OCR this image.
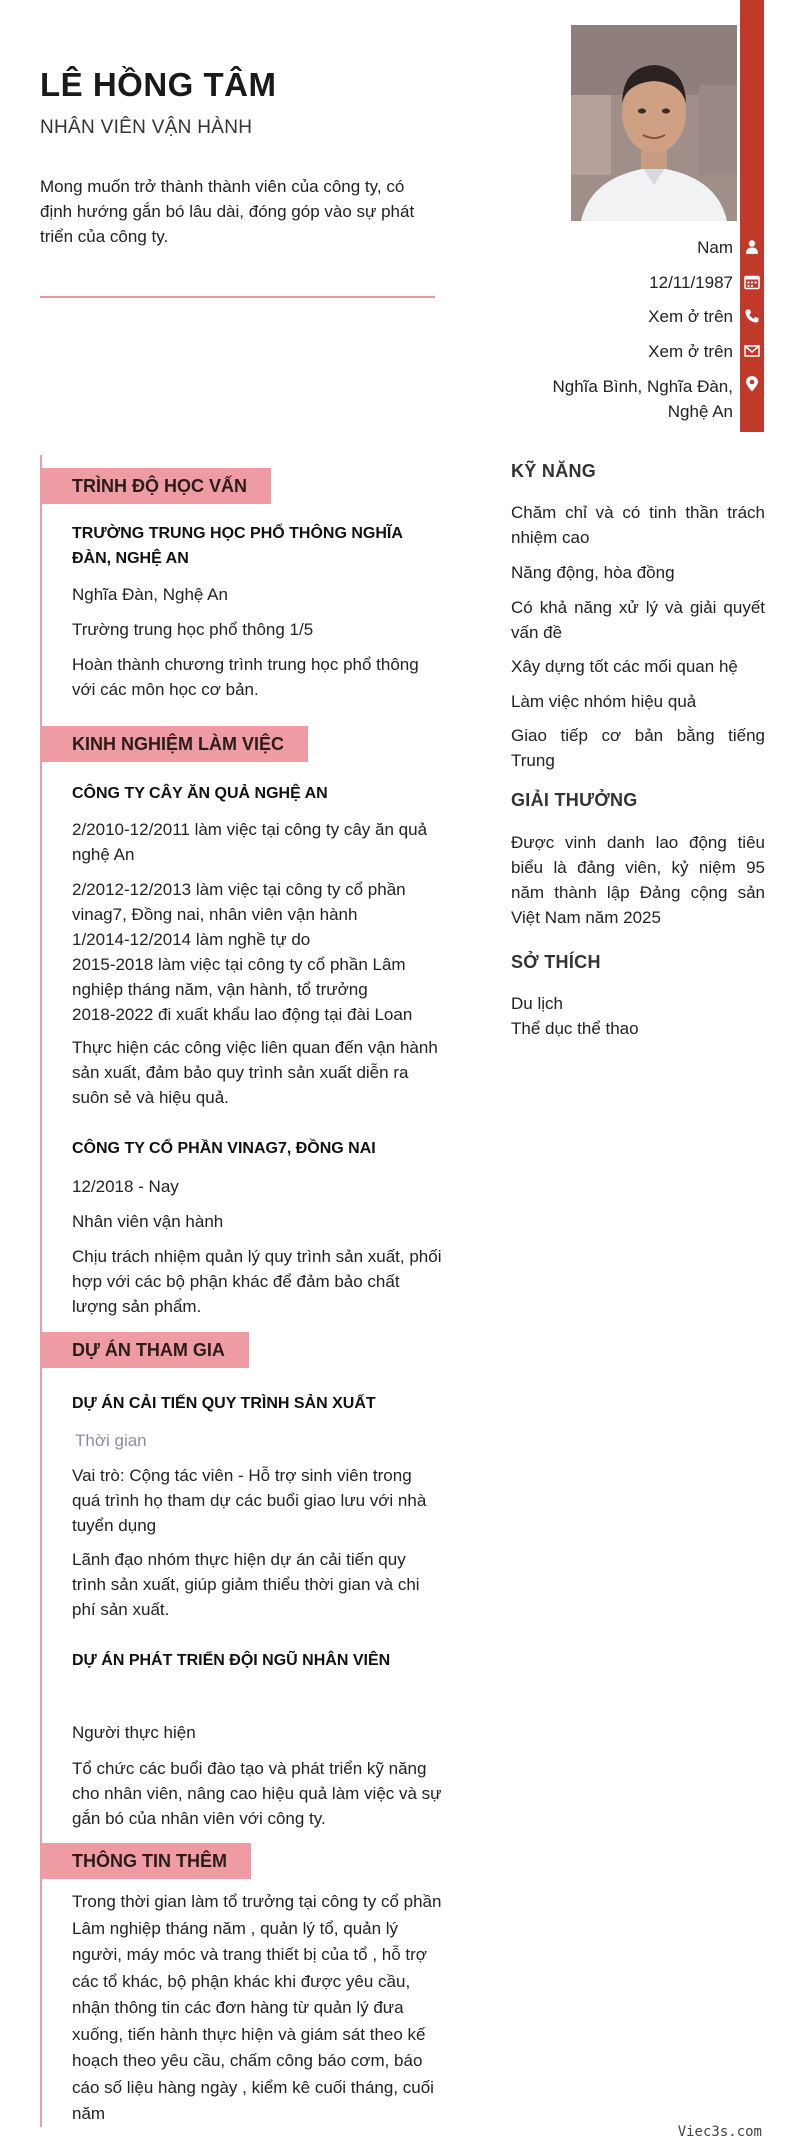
LÊ HỒNG TÂM
NHÂN VIÊN VẬN HÀNH
Mong muốn trở thành thành viên của công ty, có định hướng gắn bó lâu dài, đóng góp vào sự phát triển của công ty.
Nam
12/11/1987
Xem ở trên
Xem ở trên
Nghĩa Bình, Nghĩa Đàn, Nghệ An
TRÌNH ĐỘ HỌC VẤN
TRƯỜNG TRUNG HỌC PHỔ THÔNG NGHĨA ĐÀN, NGHỆ AN
Nghĩa Đàn, Nghệ An
Trường trung học phổ thông 1/5
Hoàn thành chương trình trung học phổ thông với các môn học cơ bản.
KINH NGHIỆM LÀM VIỆC
CÔNG TY CÂY ĂN QUẢ NGHỆ AN
2/2010-12/2011 làm việc tại công ty cây ăn quả nghệ An
2/2012-12/2013 làm việc tại công ty cổ phần vinag7, Đồng nai, nhân viên vận hành
1/2014-12/2014 làm nghề tự do
2015-2018 làm việc tại công ty cổ phần Lâm nghiệp tháng năm, vận hành, tổ trưởng
2018-2022 đi xuất khẩu lao động tại đài Loan
Thực hiện các công việc liên quan đến vận hành sản xuất, đảm bảo quy trình sản xuất diễn ra suôn sẻ và hiệu quả.
CÔNG TY CỔ PHẦN VINAG7, ĐỒNG NAI
12/2018 - Nay
Nhân viên vận hành
Chịu trách nhiệm quản lý quy trình sản xuất, phối hợp với các bộ phận khác để đảm bảo chất lượng sản phẩm.
DỰ ÁN THAM GIA
DỰ ÁN CẢI TIẾN QUY TRÌNH SẢN XUẤT
Thời gian
Vai trò: Cộng tác viên - Hỗ trợ sinh viên trong quá trình họ tham dự các buổi giao lưu với nhà tuyển dụng
Lãnh đạo nhóm thực hiện dự án cải tiến quy trình sản xuất, giúp giảm thiểu thời gian và chi phí sản xuất.
DỰ ÁN PHÁT TRIỂN ĐỘI NGŨ NHÂN VIÊN
Người thực hiện
Tổ chức các buổi đào tạo và phát triển kỹ năng cho nhân viên, nâng cao hiệu quả làm việc và sự gắn bó của nhân viên với công ty.
THÔNG TIN THÊM
Trong thời gian làm tổ trưởng tại công ty cổ phần Lâm nghiệp tháng năm , quản lý tổ, quản lý người, máy móc và trang thiết bị của tổ , hỗ trợ các tổ khác, bộ phận khác khi được yêu cầu, nhận thông tin các đơn hàng từ quản lý đưa xuống, tiến hành thực hiện và giám sát theo kế hoạch theo yêu cầu, chấm công báo cơm, báo cáo số liệu hàng ngày , kiểm kê cuối tháng, cuối năm
KỸ NĂNG
Chăm chỉ và có tinh thần trách nhiệm cao
Năng động, hòa đồng
Có khả năng xử lý và giải quyết vấn đề
Xây dựng tốt các mối quan hệ
Làm việc nhóm hiệu quả
Giao tiếp cơ bản bằng tiếng Trung
GIẢI THƯỞNG
Được vinh danh lao động tiêu biểu là đảng viên, kỷ niệm 95 năm thành lập Đảng cộng sản Việt Nam năm 2025
SỞ THÍCH
Du lịch
Thể dục thể thao
Viec3s.com
